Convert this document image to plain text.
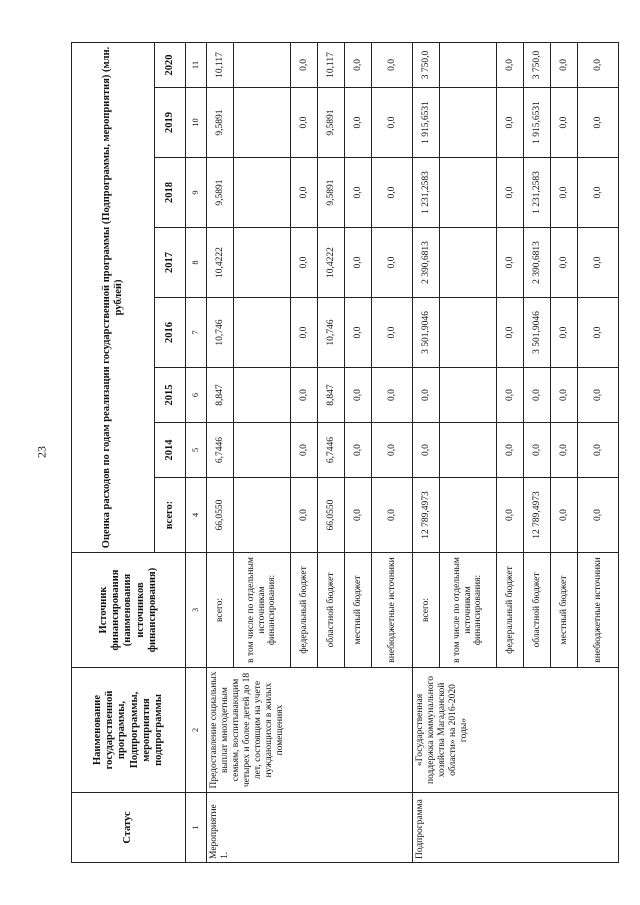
23
Статус	Наименование государственной программы, Подпрограммы, мероприятия подпрограммы	Источник финансирования (наименования источников финансирования)	Оценка расходов по годам реализации государственной программы (Подпрограммы, мероприятия) (млн. рублей)							
			всего:	2014	2015	2016	2017	2018	2019	2020
1	2	3	4	5	6	7	8	9	10	11
Мероприятие 1.	Предоставление социальных выплат многодетным семьям, воспитывающим четырех и более детей до 18 лет, состоящим на учете нуждающихся в жилых помещениях	всего:	66,0550	6,7446	8,847	10,746	10,4222	9,5891	9,5891	10,117
		в том числе по отдельным источникам финансирования:								
		федеральный бюджет	0,0	0,0	0,0	0,0	0,0	0,0	0,0	0,0
		областной бюджет	66,0550	6,7446	8,847	10,746	10,4222	9,5891	9,5891	10,117
		местный бюджет	0,0	0,0	0,0	0,0	0,0	0,0	0,0	0,0
		внебюджетные источники	0,0	0,0	0,0	0,0	0,0	0,0	0,0	0,0
Подпрограмма	«Государственная поддержка коммунального хозяйства Магаданской области» на 2016-2020 годы»	всего:	12 789,4973	0,0	0,0	3 501,9046	2 390,6813	1 231,2583	1 915,6531	3 750,0
		в том числе по отдельным источникам финансирования:								
		федеральный бюджет	0,0	0,0	0,0	0,0	0,0	0,0	0,0	0,0
		областной бюджет	12 789,4973	0,0	0,0	3 501,9046	2 390,6813	1 231,2583	1 915,6531	3 750,0
		местный бюджет	0,0	0,0	0,0	0,0	0,0	0,0	0,0	0,0
		внебюджетные источники	0,0	0,0	0,0	0,0	0,0	0,0	0,0	0,0
